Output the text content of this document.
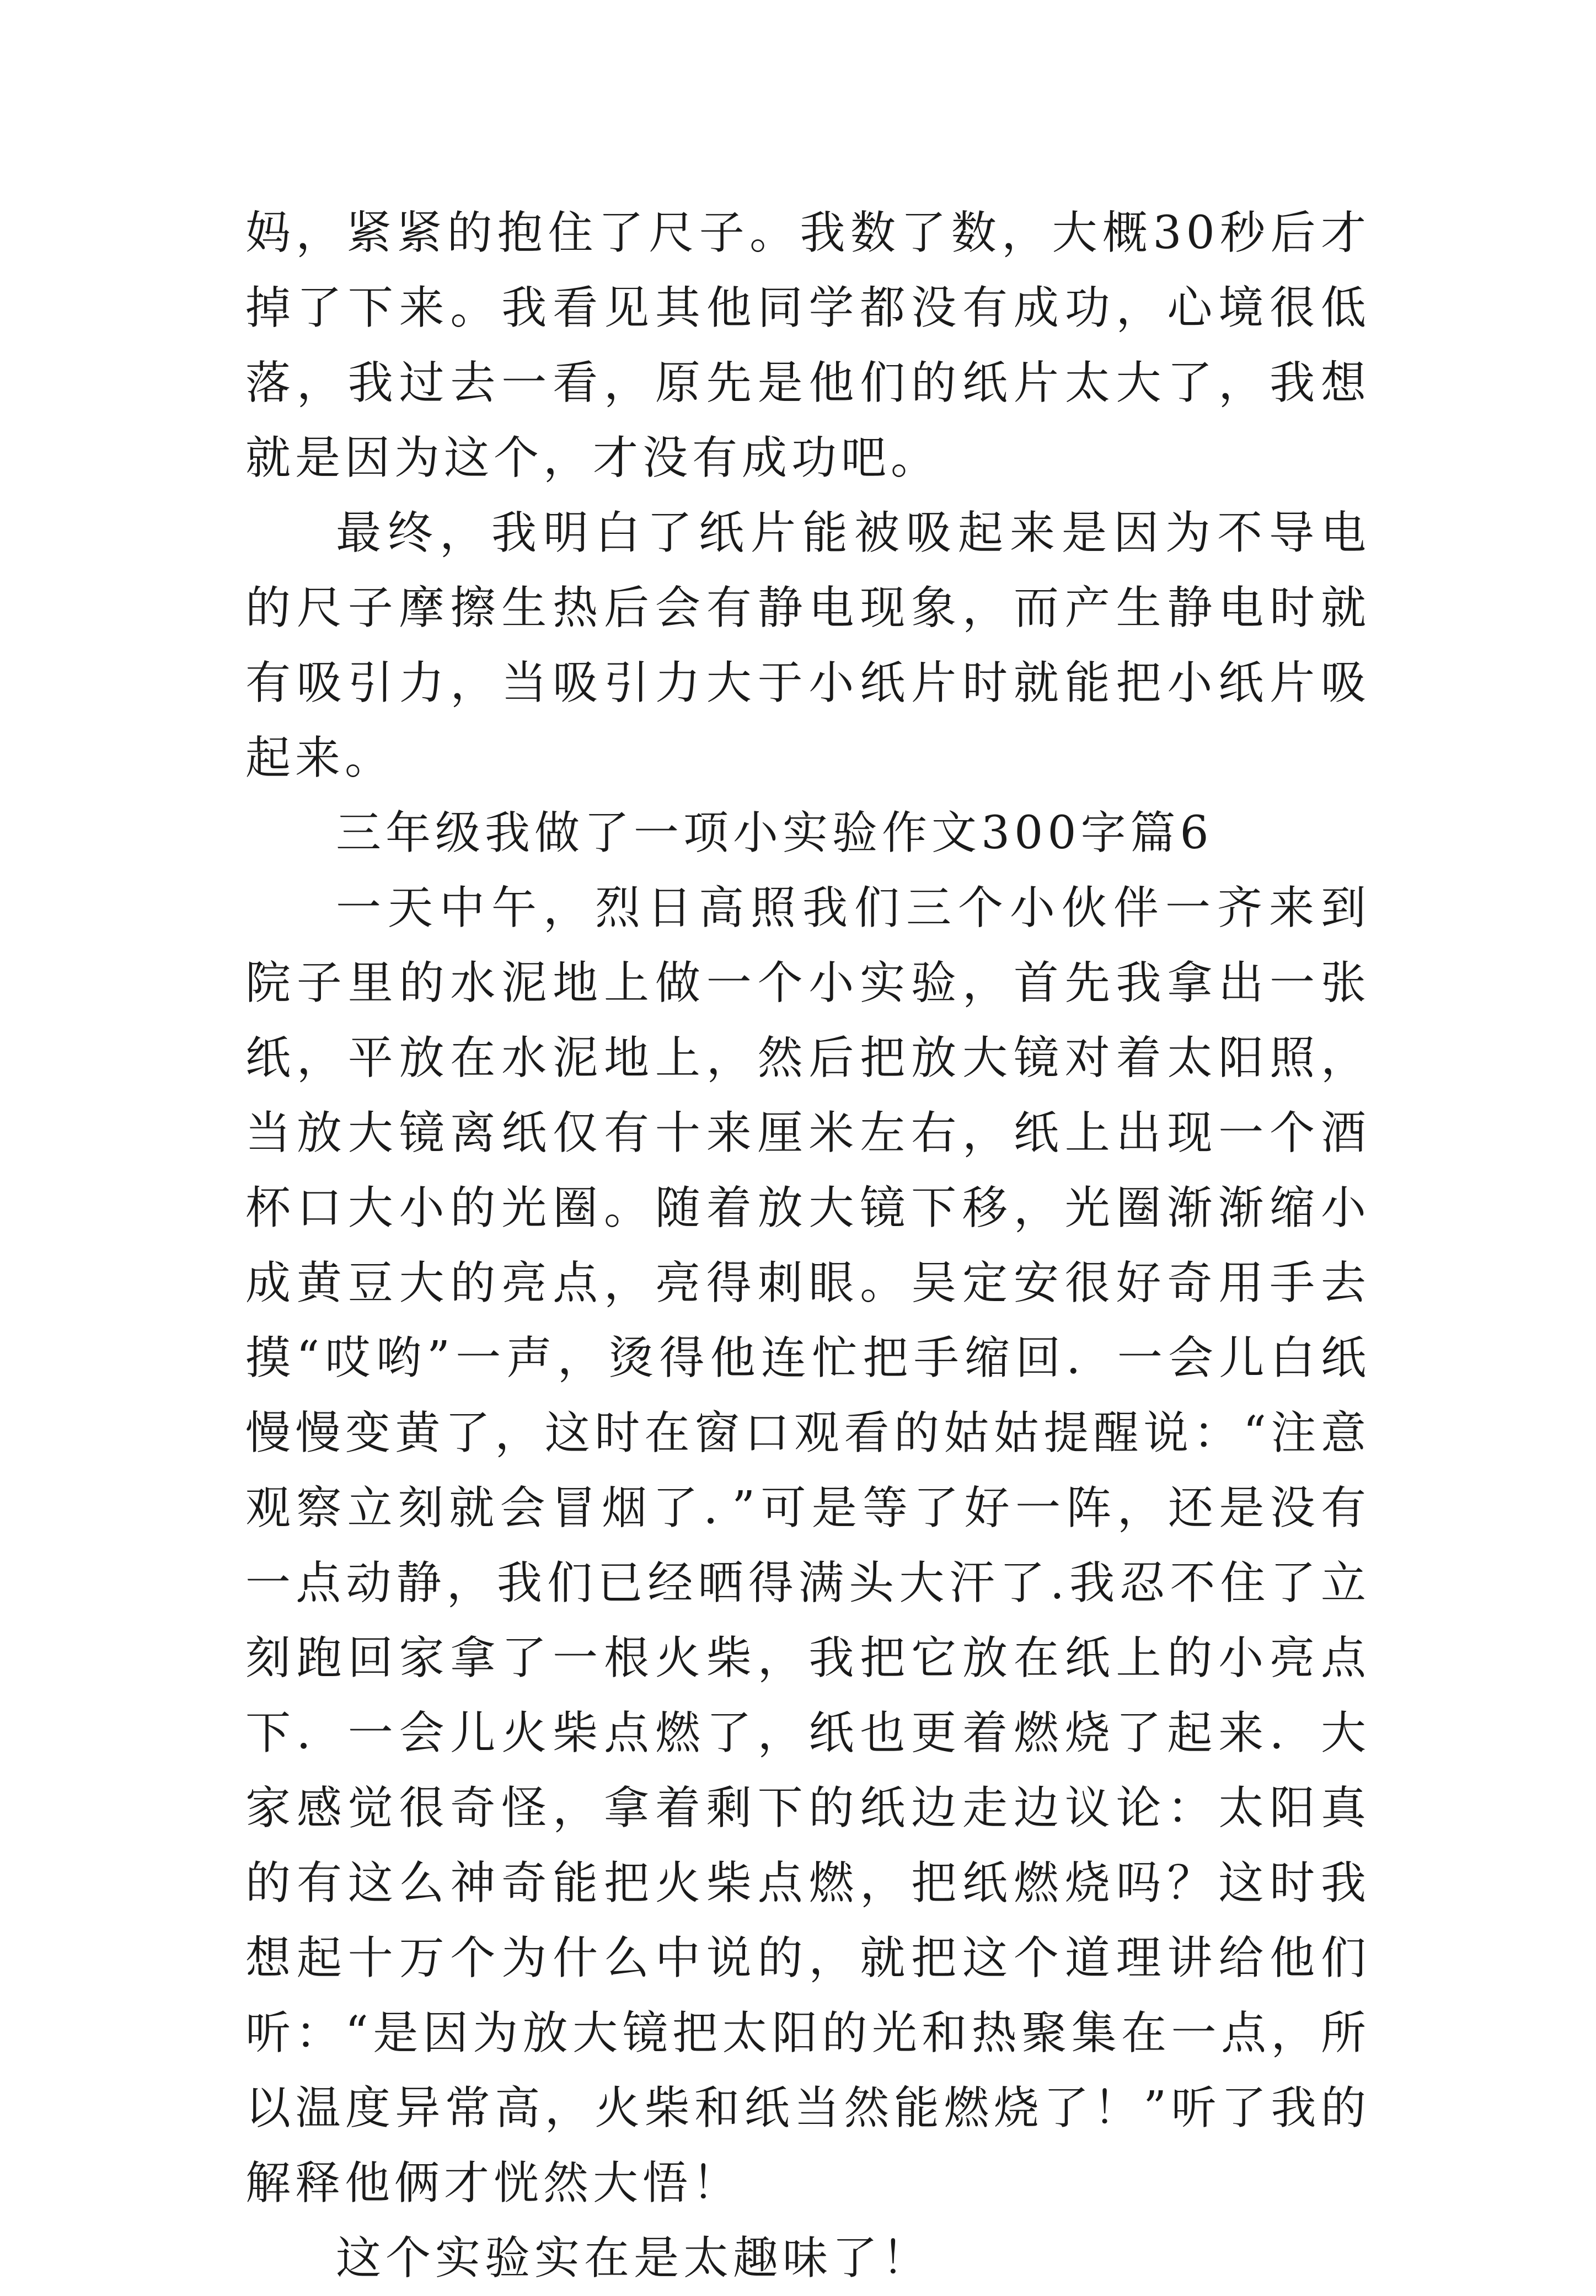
妈，紧紧的抱住了尺子。我数了数，大概30秒后才掉了下来。我看见其他同学都没有成功，心境很低落，我过去一看，原先是他们的纸片太大了，我想就是因为这个，才没有成功吧。

最终，我明白了纸片能被吸起来是因为不导电的尺子摩擦生热后会有静电现象，而产生静电时就有吸引力，当吸引力大于小纸片时就能把小纸片吸起来。

三年级我做了一项小实验作文300字篇6

一天中午，烈日高照我们三个小伙伴一齐来到院子里的水泥地上做一个小实验，首先我拿出一张纸，平放在水泥地上，然后把放大镜对着太阳照，当放大镜离纸仅有十来厘米左右，纸上出现一个酒杯口大小的光圈。随着放大镜下移，光圈渐渐缩小成黄豆大的亮点，亮得刺眼。吴定安很好奇用手去摸“哎哟”一声，烫得他连忙把手缩回．一会儿白纸慢慢变黄了，这时在窗口观看的姑姑提醒说：“注意观察立刻就会冒烟了．”可是等了好一阵，还是没有一点动静，我们已经晒得满头大汗了.我忍不住了立刻跑回家拿了一根火柴，我把它放在纸上的小亮点下．一会儿火柴点燃了，纸也更着燃烧了起来．大家感觉很奇怪，拿着剩下的纸边走边议论：太阳真的有这么神奇能把火柴点燃，把纸燃烧吗？这时我想起十万个为什么中说的，就把这个道理讲给他们听：“是因为放大镜把太阳的光和热聚集在一点，所以温度异常高，火柴和纸当然能燃烧了！”听了我的解释他俩才恍然大悟！

这个实验实在是太趣味了！
